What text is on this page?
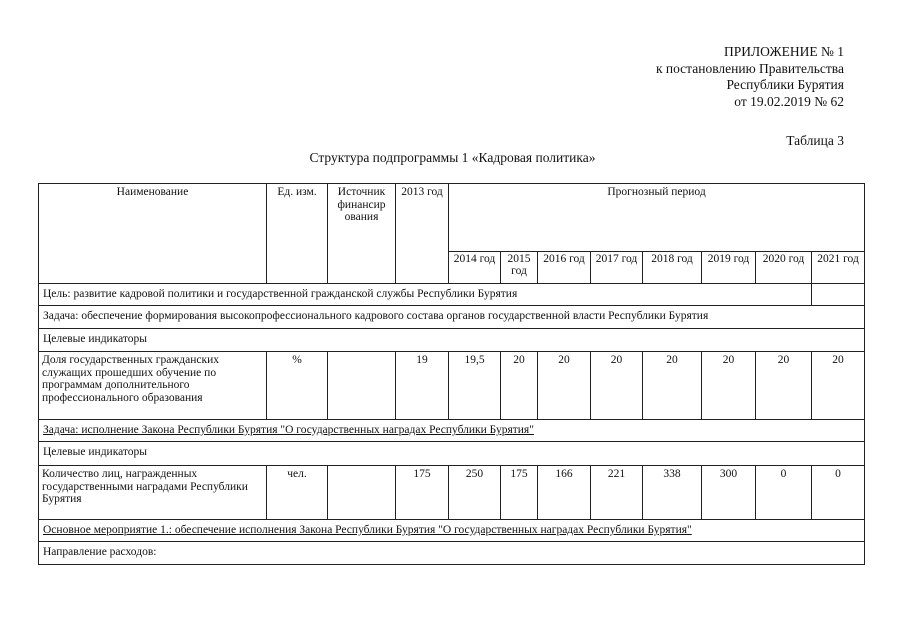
ПРИЛОЖЕНИЕ № 1
к постановлению Правительства
Республики Бурятия
от 19.02.2019 № 62
Таблица 3
Структура подпрограммы 1 «Кадровая политика»
Наименование	Ед. изм.	Источник финансир ования	2013 год	Прогнозный период							
				2014 год	2015 год	2016 год	2017 год	2018 год	2019 год	2020 год	2021 год
Цель: развитие кадровой политики и государственной гражданской службы Республики Бурятия											
Задача: обеспечение формирования высокопрофессионального кадрового состава органов государственной власти Республики Бурятия											
Целевые индикаторы											
Доля государственных гражданских служащих прошедших обучение по программам дополнительного профессионального образования	%		19	19,5	20	20	20	20	20	20	20
Задача: исполнение Закона Республики Бурятия "О государственных наградах Республики Бурятия"											
Целевые индикаторы											
Количество лиц, награжденных государственными наградами Республики Бурятия	чел.		175	250	175	166	221	338	300	0	0
Основное мероприятие 1.: обеспечение исполнения Закона Республики Бурятия "О государственных наградах Республики Бурятия"											
Направление расходов:											
